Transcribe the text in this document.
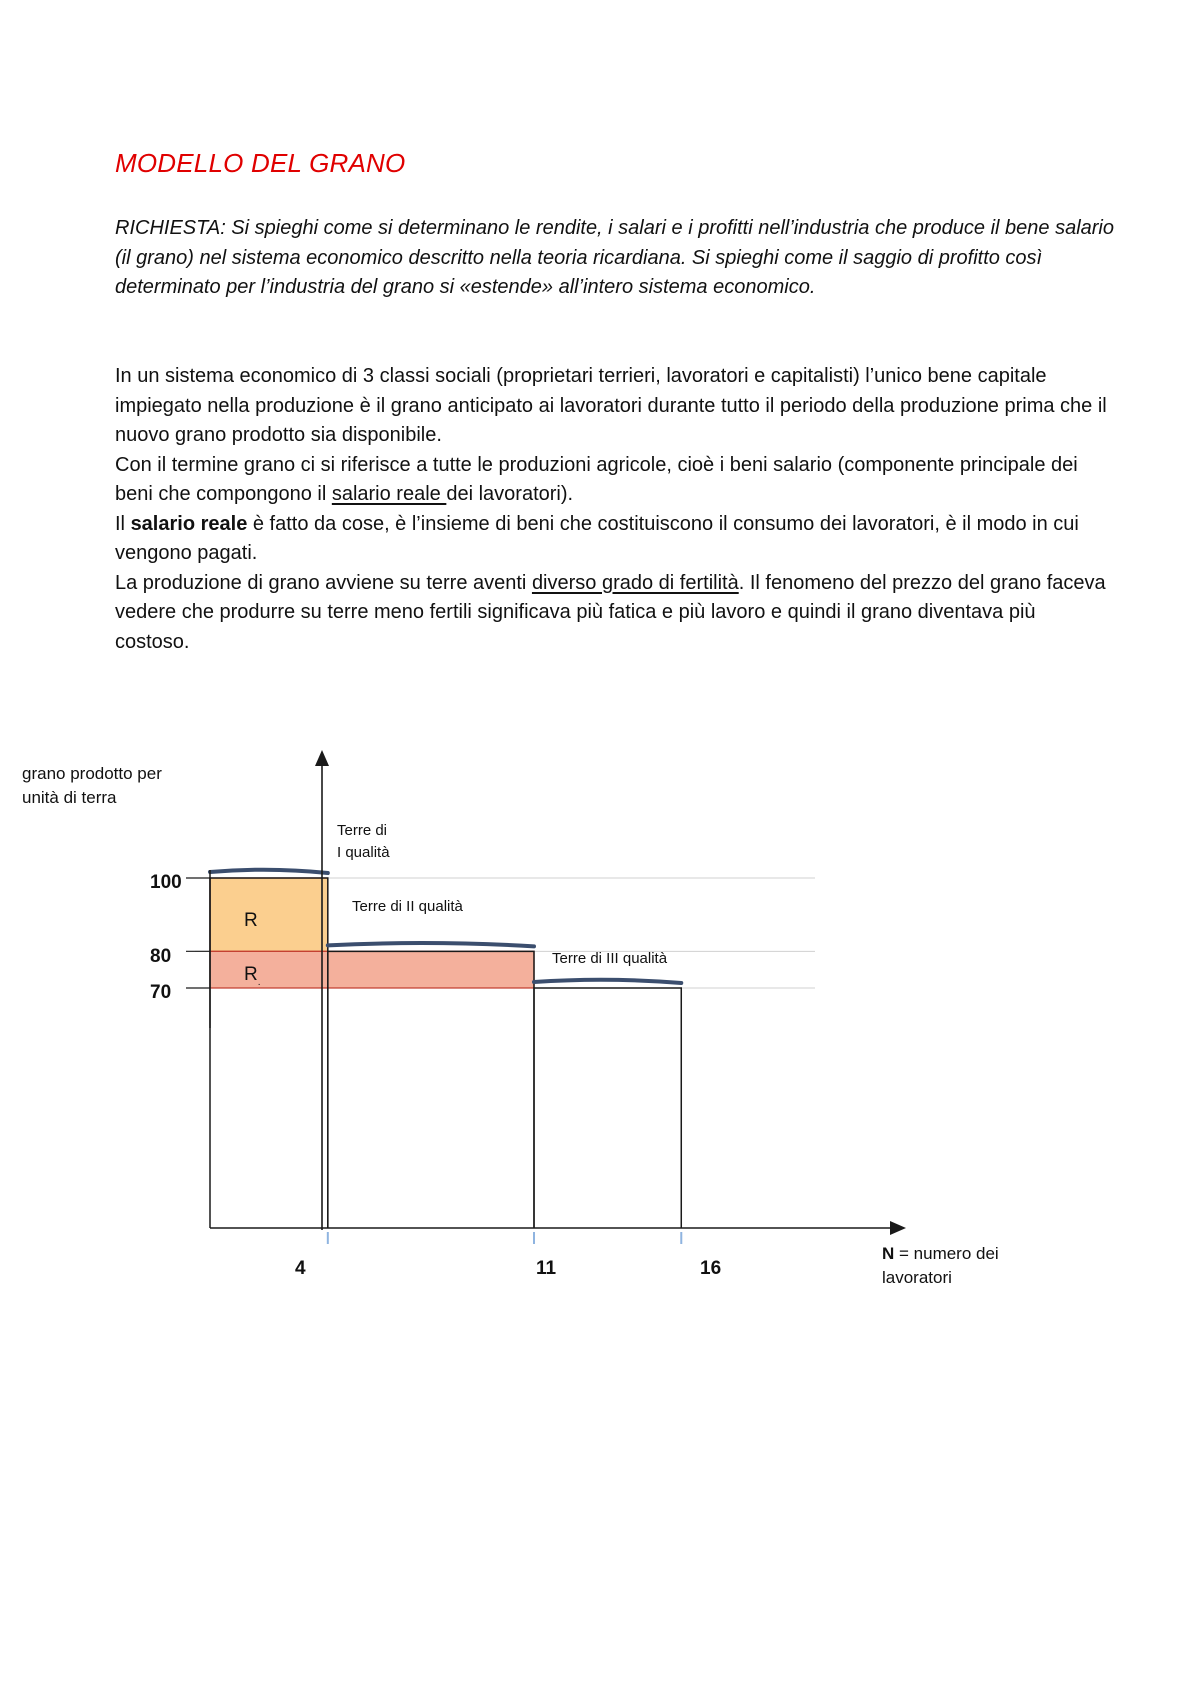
MODELLO DEL GRANO
RICHIESTA: Si spieghi come si determinano le rendite, i salari e i profitti nell’industria che produce il bene salario (il grano) nel sistema economico descritto nella teoria ricardiana. Si spieghi come il saggio di profitto così determinato per l’industria del grano si «estende» all’intero sistema economico.

In un sistema economico di 3 classi sociali (proprietari terrieri, lavoratori e capitalisti) l’unico bene capitale impiegato nella produzione è il grano anticipato ai lavoratori durante tutto il periodo della produzione prima che il nuovo grano prodotto sia disponibile.

Con il termine grano ci si riferisce a tutte le produzioni agricole, cioè i beni salario (componente principale dei beni che compongono il salario reale dei lavoratori).

Il salario reale è fatto da cose, è l’insieme di beni che costituiscono il consumo dei lavoratori, è il modo in cui vengono pagati.

La produzione di grano avviene su terre aventi diverso grado di fertilità. Il fenomeno del prezzo del grano faceva vedere che produrre su terre meno fertili significava più fatica e più lavoro e quindi il grano diventava più costoso.

grano prodotto per unità di terra
100
80
70
4	11	16
N = numero dei lavoratori
Terre di
I qualità
Terre di II qualità
Terre di III qualità
R
$R_.$
